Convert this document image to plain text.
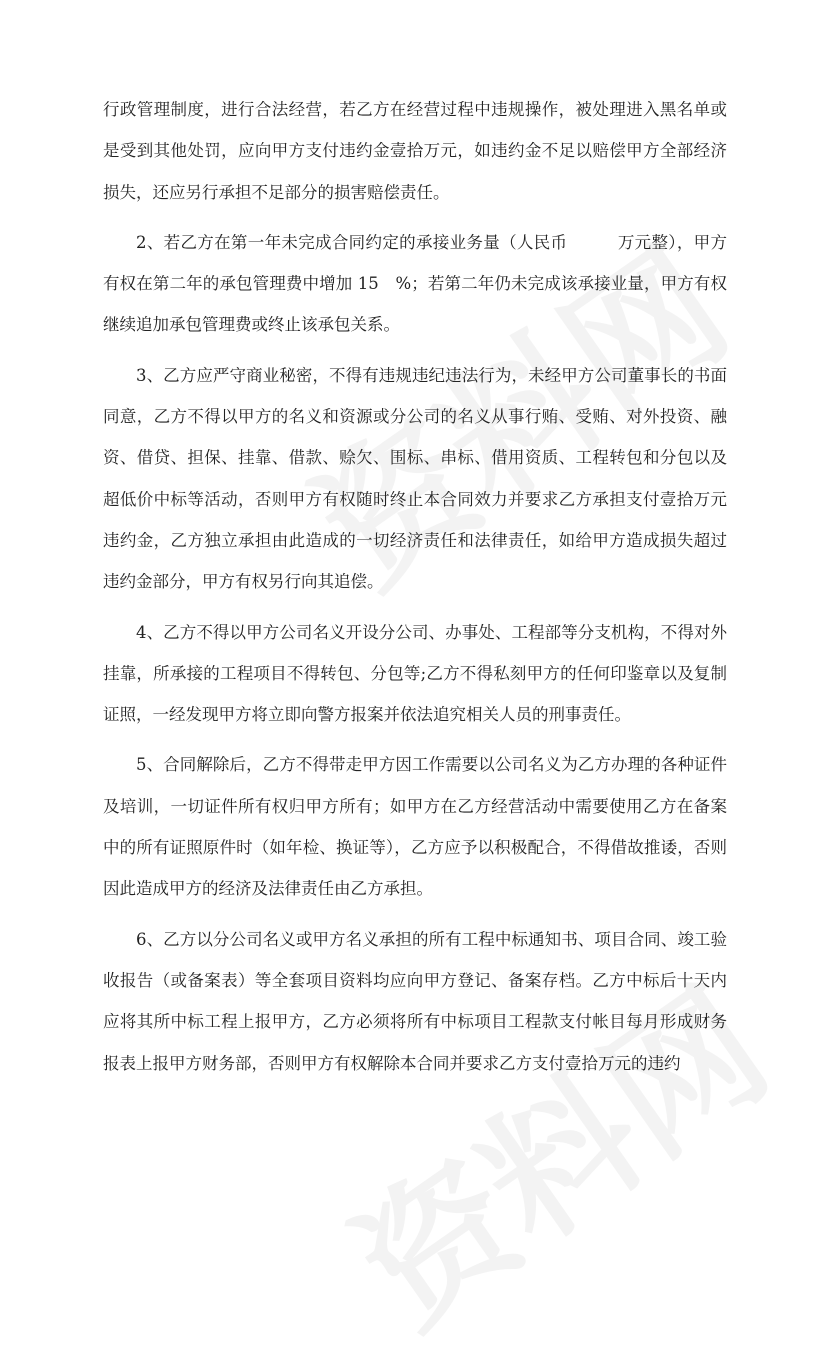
行政管理制度，进行合法经营，若乙方在经营过程中违规操作，被处理进入黑名单或是受到其他处罚，应向甲方支付违约金壹拾万元，如违约金不足以赔偿甲方全部经济损失，还应另行承担不足部分的损害赔偿责任。

2、若乙方在第一年未完成合同约定的承接业务量（人民币　　　万元整），甲方有权在第二年的承包管理费中增加 15　%；若第二年仍未完成该承接业量，甲方有权继续追加承包管理费或终止该承包关系。

3、乙方应严守商业秘密，不得有违规违纪违法行为，未经甲方公司董事长的书面同意，乙方不得以甲方的名义和资源或分公司的名义从事行贿、受贿、对外投资、融资、借贷、担保、挂靠、借款、赊欠、围标、串标、借用资质、工程转包和分包以及超低价中标等活动，否则甲方有权随时终止本合同效力并要求乙方承担支付壹拾万元违约金，乙方独立承担由此造成的一切经济责任和法律责任，如给甲方造成损失超过违约金部分，甲方有权另行向其追偿。

4、乙方不得以甲方公司名义开设分公司、办事处、工程部等分支机构，不得对外挂靠，所承接的工程项目不得转包、分包等;乙方不得私刻甲方的任何印鉴章以及复制证照，一经发现甲方将立即向警方报案并依法追究相关人员的刑事责任。

5、合同解除后，乙方不得带走甲方因工作需要以公司名义为乙方办理的各种证件及培训，一切证件所有权归甲方所有；如甲方在乙方经营活动中需要使用乙方在备案中的所有证照原件时（如年检、换证等），乙方应予以积极配合，不得借故推诿，否则因此造成甲方的经济及法律责任由乙方承担。

6、乙方以分公司名义或甲方名义承担的所有工程中标通知书、项目合同、竣工验收报告（或备案表）等全套项目资料均应向甲方登记、备案存档。乙方中标后十天内应将其所中标工程上报甲方，乙方必须将所有中标项目工程款支付帐目每月形成财务报表上报甲方财务部，否则甲方有权解除本合同并要求乙方支付壹拾万元的违约
